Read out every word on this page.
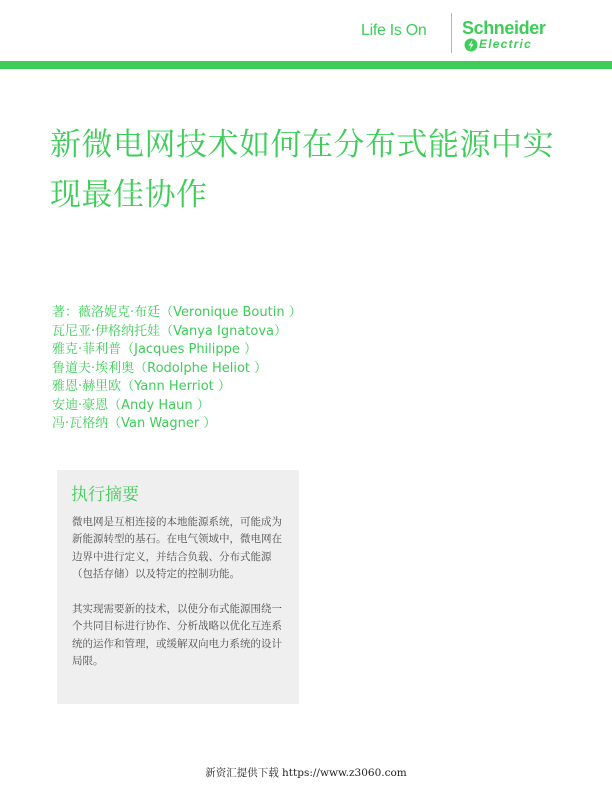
Life Is On Schneider
Electric
新微电网技术如何在分布式能源中实现最佳协作
著：薇洛妮克·布廷（Veronique Boutin ）
瓦尼亚·伊格纳托娃（Vanya Ignatova）
雅克·菲利普（Jacques Philippe ）
鲁道夫·埃利奥（Rodolphe Heliot ）
雅恩·赫里欧（Yann Herriot ）
安迪·豪恩（Andy Haun ）
冯·瓦格纳（Van Wagner ）
执行摘要

微电网是互相连接的本地能源系统，可能成为新能源转型的基石。在电气领域中，微电网在边界中进行定义，并结合负载、分布式能源（包括存储）以及特定的控制功能。

其实现需要新的技术，以使分布式能源围绕一个共同目标进行协作、分析战略以优化互连系统的运作和管理，或缓解双向电力系统的设计局限。

新资汇提供下载 https://www.z3060.com
